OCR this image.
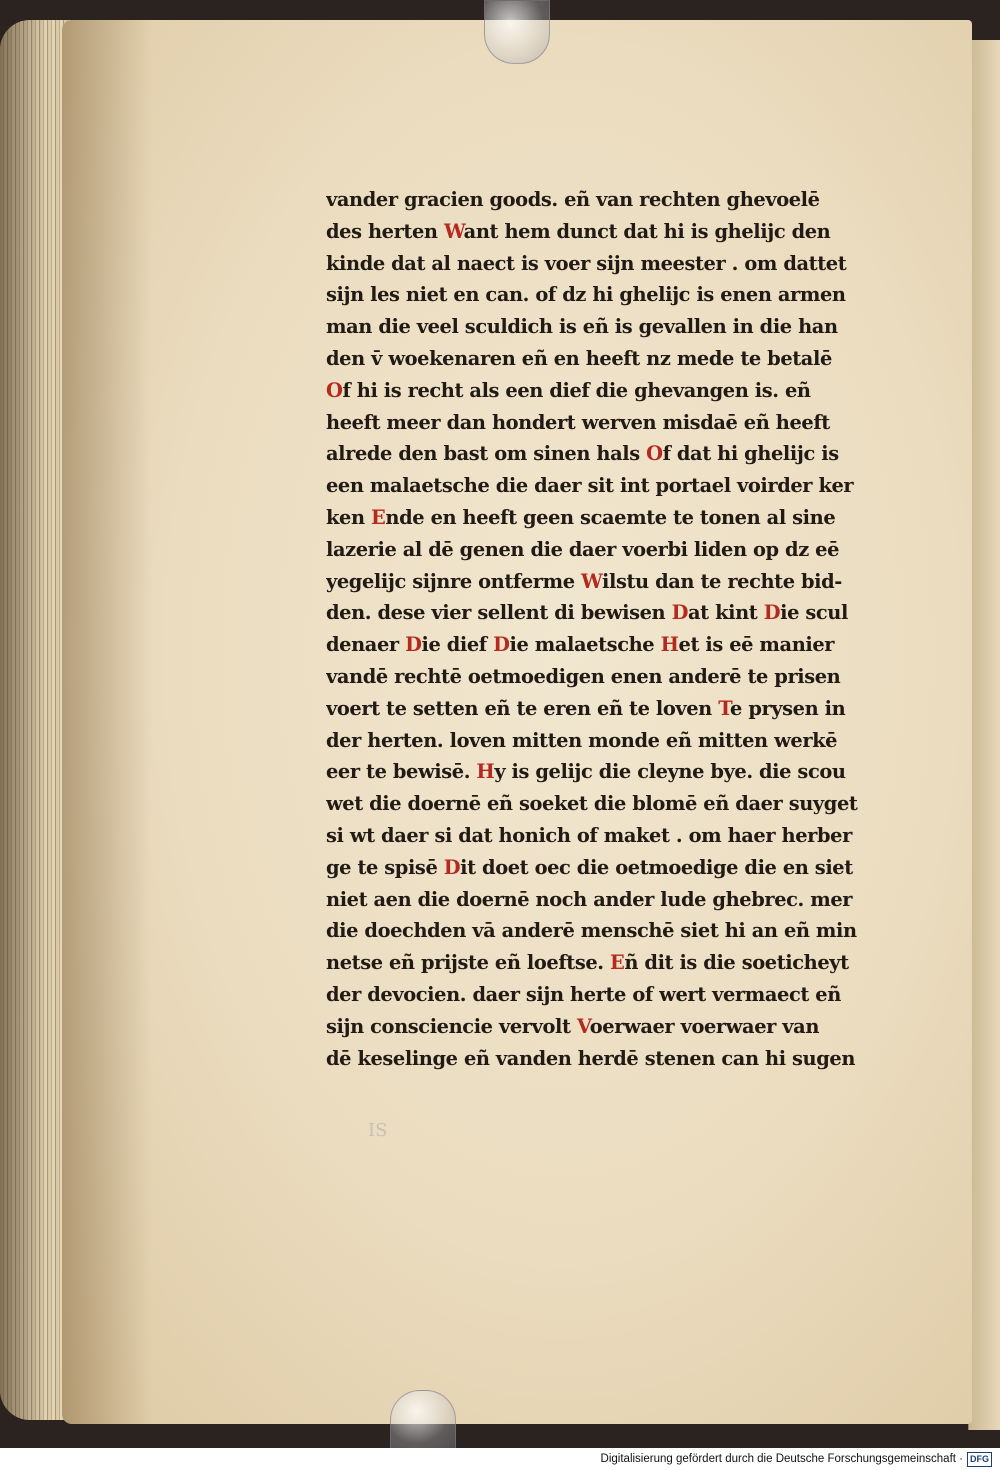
IS
vander gracien goods. eñ van rechten ghevoelē
des herten Want hem dunct dat hi is ghelijc den
kinde dat al naect is voer sijn meester . om dattet
sijn les niet en can. of dz hi ghelijc is enen armen
man die veel sculdich is eñ is gevallen in die han
den v̄ woekenaren eñ en heeft nz mede te betalē
Of hi is recht als een dief die ghevangen is. eñ
heeft meer dan hondert werven misdaē eñ heeft
alrede den bast om sinen hals Of dat hi ghelijc is
een malaetsche die daer sit int portael voirder ker
ken Ende en heeft geen scaemte te tonen al sine
lazerie al dē genen die daer voerbi liden op dz eē
yegelijc sijnre ontferme Wilstu dan te rechte bid-
den. dese vier sellent di bewisen Dat kint Die scul
denaer Die dief Die malaetsche Het is eē manier
vandē rechtē oetmoedigen enen anderē te prisen
voert te setten eñ te eren eñ te loven Te prysen in
der herten. loven mitten monde eñ mitten werkē
eer te bewisē. Hy is gelijc die cleyne bye. die scou
wet die doernē eñ soeket die blomē eñ daer suyget
si wt daer si dat honich of maket . om haer herber
ge te spisē Dit doet oec die oetmoedige die en siet
niet aen die doernē noch ander lude ghebrec. mer
die doechden vā anderē menschē siet hi an eñ min
netse eñ prijste eñ loeftse. Eñ dit is die soeticheyt
der devocien. daer sijn herte of wert vermaect eñ
sijn consciencie vervolt Voerwaer voerwaer van
dē keselinge eñ vanden herdē stenen can hi sugen
Digitalisierung gefördert durch die Deutsche Forschungsgemeinschaft · DFG
